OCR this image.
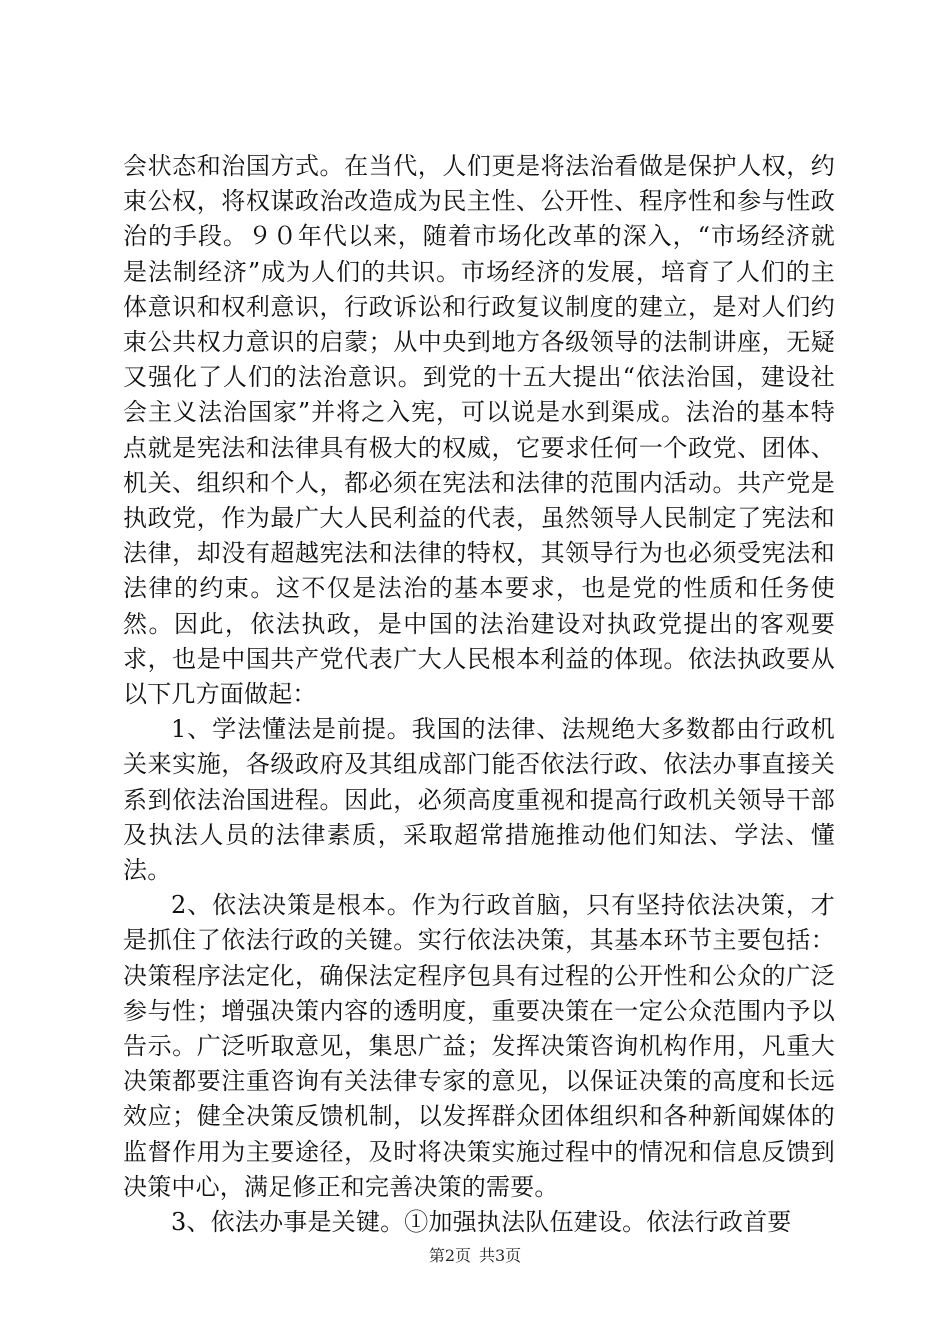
会状态和治国方式。在当代，人们更是将法治看做是保护人权，约束公权，将权谋政治改造成为民主性、公开性、程序性和参与性政治的手段。９０年代以来，随着市场化改革的深入，“市场经济就是法制经济”成为人们的共识。市场经济的发展，培育了人们的主体意识和权利意识，行政诉讼和行政复议制度的建立，是对人们约束公共权力意识的启蒙；从中央到地方各级领导的法制讲座，无疑又强化了人们的法治意识。到党的十五大提出“依法治国，建设社会主义法治国家”并将之入宪，可以说是水到渠成。法治的基本特点就是宪法和法律具有极大的权威，它要求任何一个政党、团体、机关、组织和个人，都必须在宪法和法律的范围内活动。共产党是执政党，作为最广大人民利益的代表，虽然领导人民制定了宪法和法律，却没有超越宪法和法律的特权，其领导行为也必须受宪法和法律的约束。这不仅是法治的基本要求，也是党的性质和任务使然。因此，依法执政，是中国的法治建设对执政党提出的客观要求，也是中国共产党代表广大人民根本利益的体现。依法执政要从以下几方面做起：

1、学法懂法是前提。我国的法律、法规绝大多数都由行政机关来实施，各级政府及其组成部门能否依法行政、依法办事直接关系到依法治国进程。因此，必须高度重视和提高行政机关领导干部及执法人员的法律素质，采取超常措施推动他们知法、学法、懂法。

2、依法决策是根本。作为行政首脑，只有坚持依法决策，才是抓住了依法行政的关键。实行依法决策，其基本环节主要包括：决策程序法定化，确保法定程序包具有过程的公开性和公众的广泛参与性；增强决策内容的透明度，重要决策在一定公众范围内予以告示。广泛听取意见，集思广益；发挥决策咨询机构作用，凡重大决策都要注重咨询有关法律专家的意见，以保证决策的高度和长远效应；健全决策反馈机制，以发挥群众团体组织和各种新闻媒体的监督作用为主要途径，及时将决策实施过程中的情况和信息反馈到决策中心，满足修正和完善决策的需要。

3、依法办事是关键。①加强执法队伍建设。依法行政首要

第2页 共3页
